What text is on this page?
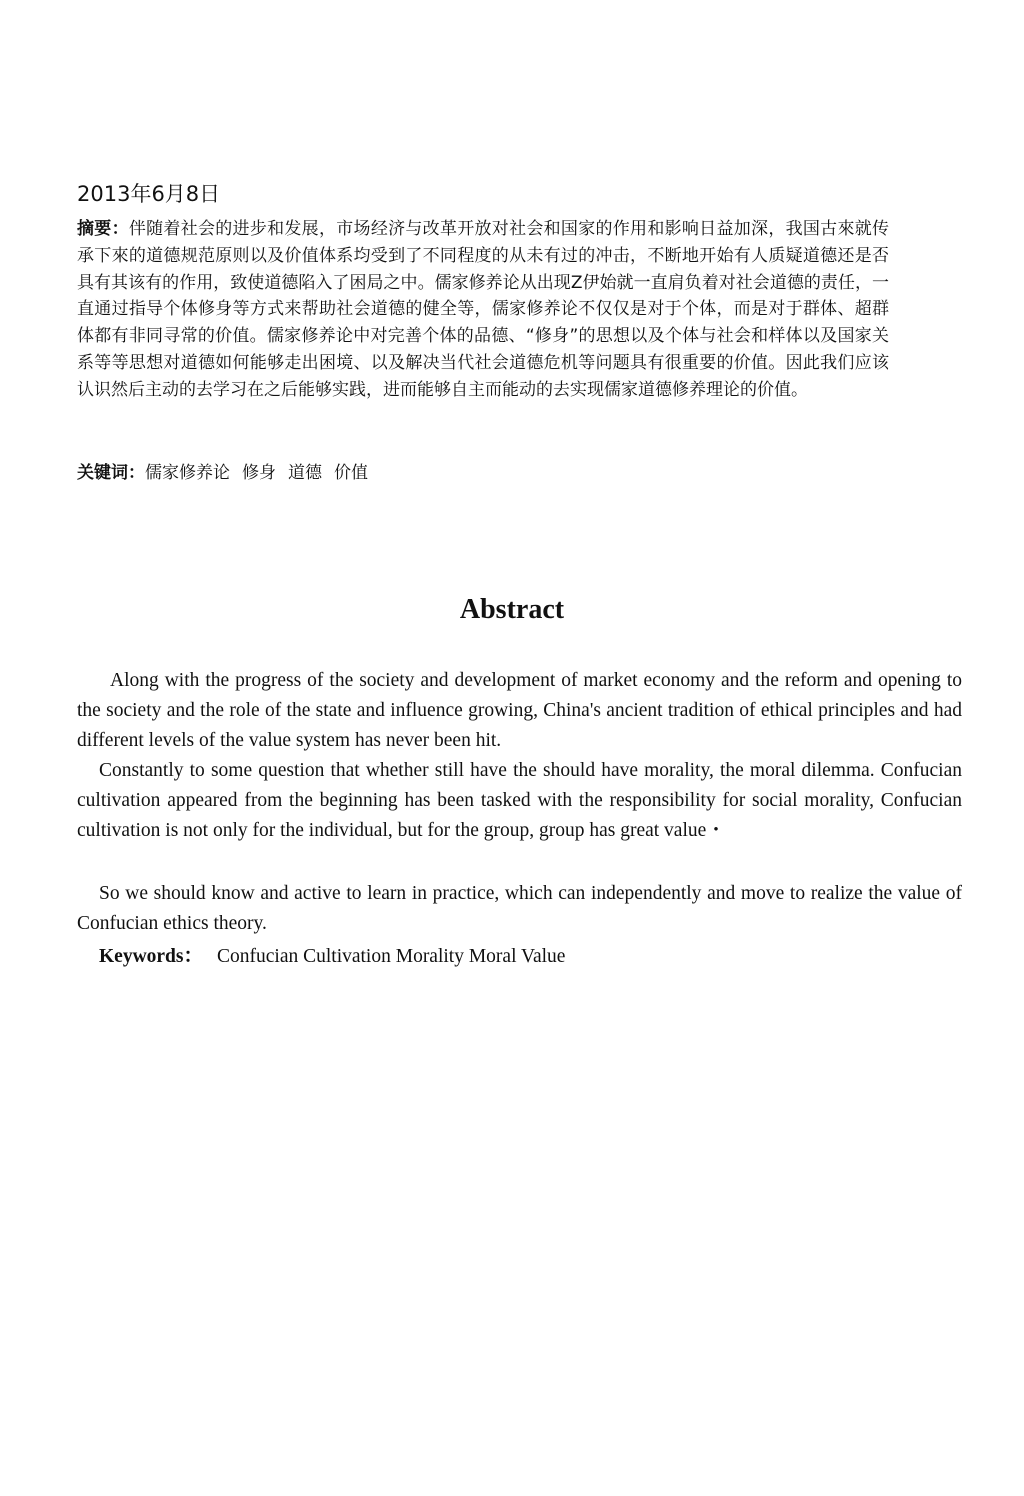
2013年6月8日
摘要：伴随着社会的进步和发展，市场经济与改革开放对社会和国家的作用和影响日益加深，我国古來就传承下來的道德规范原则以及价值体系均受到了不同程度的从未有过的冲击，不断地开始有人质疑道德还是否具有其该有的作用，致使道德陷入了困局之中。儒家修养论从出现Z伊始就一直肩负着对社会道德的责任，一直通过指导个体修身等方式来帮助社会道德的健全等，儒家修养论不仅仅是对于个体，而是对于群体、超群体都有非同寻常的价值。儒家修养论中对完善个体的品德、“修身”的思想以及个体与社会和样体以及国家关系等等思想对道德如何能够走出困境、以及解决当代社会道德危机等问题具有很重要的价值。因此我们应该认识然后主动的去学习在之后能够实践，进而能够自主而能动的去实现儒家道德修养理论的价值。
关键词：儒家修养论 修身 道德 价值
Abstract
Along with the progress of the society and development of market economy and the reform and opening to the society and the role of the state and influence growing, China's ancient tradition of ethical principles and had different levels of the value system has never been hit.
Constantly to some question that whether still have the should have morality, the moral dilemma. Confucian cultivation appeared from the beginning has been tasked with the responsibility for social morality, Confucian cultivation is not only for the individual, but for the group, group has great value・
So we should know and active to learn in practice, which can independently and move to realize the value of Confucian ethics theory.
Keywords： Confucian Cultivation Morality Moral Value
